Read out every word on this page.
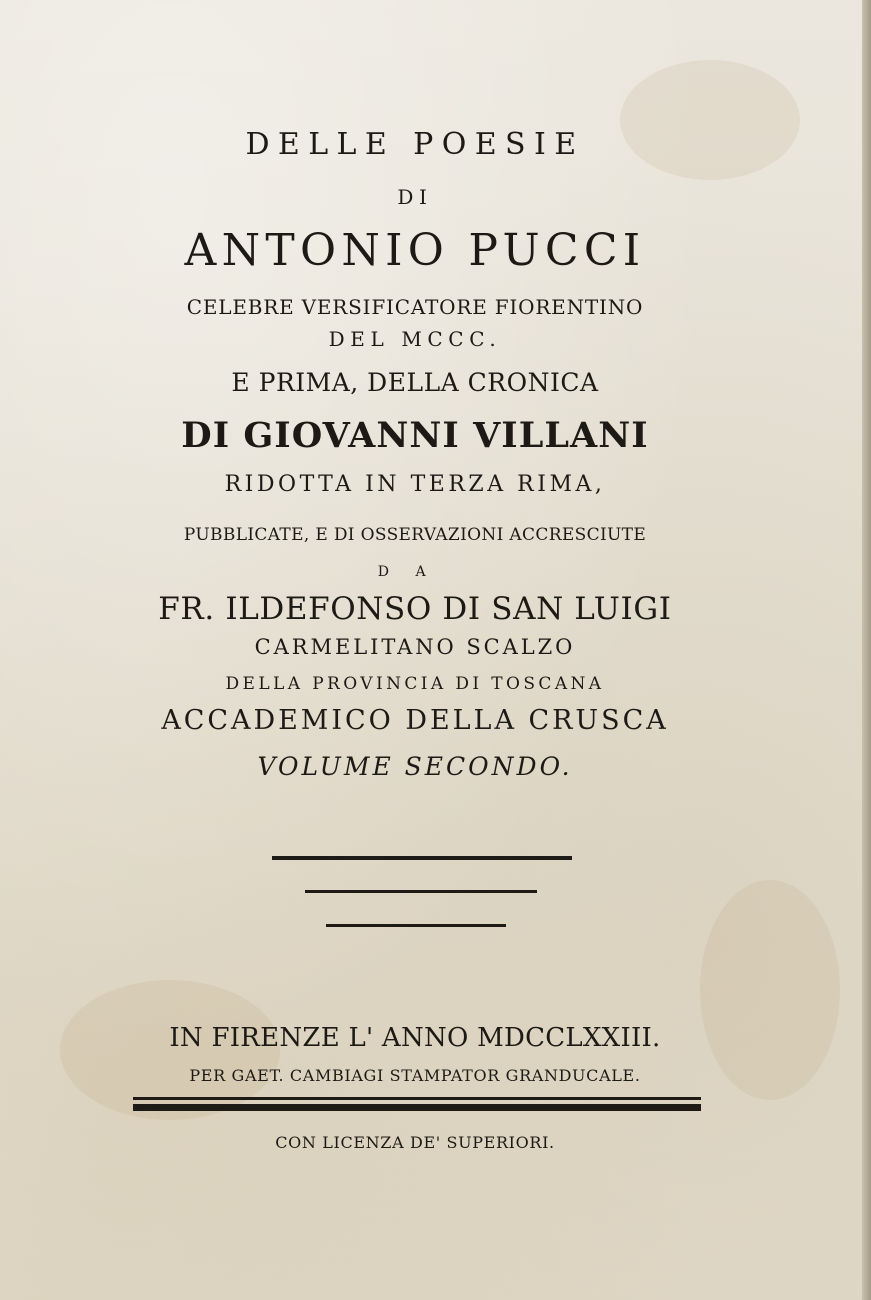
DELLE POESIE
DI
ANTONIO PUCCI
CELEBRE VERSIFICATORE FIORENTINO
DEL MCCC.
E PRIMA, DELLA CRONICA
DI GIOVANNI VILLANI
RIDOTTA IN TERZA RIMA,
PUBBLICATE, E DI OSSERVAZIONI ACCRESCIUTE
DA
FR. ILDEFONSO DI SAN LUIGI
CARMELITANO SCALZO
DELLA PROVINCIA DI TOSCANA
ACCADEMICO DELLA CRUSCA
VOLUME SECONDO.
IN FIRENZE L' ANNO MDCCLXXIII.
PER GAET. CAMBIAGI STAMPATOR GRANDUCALE.
CON LICENZA DE' SUPERIORI.
